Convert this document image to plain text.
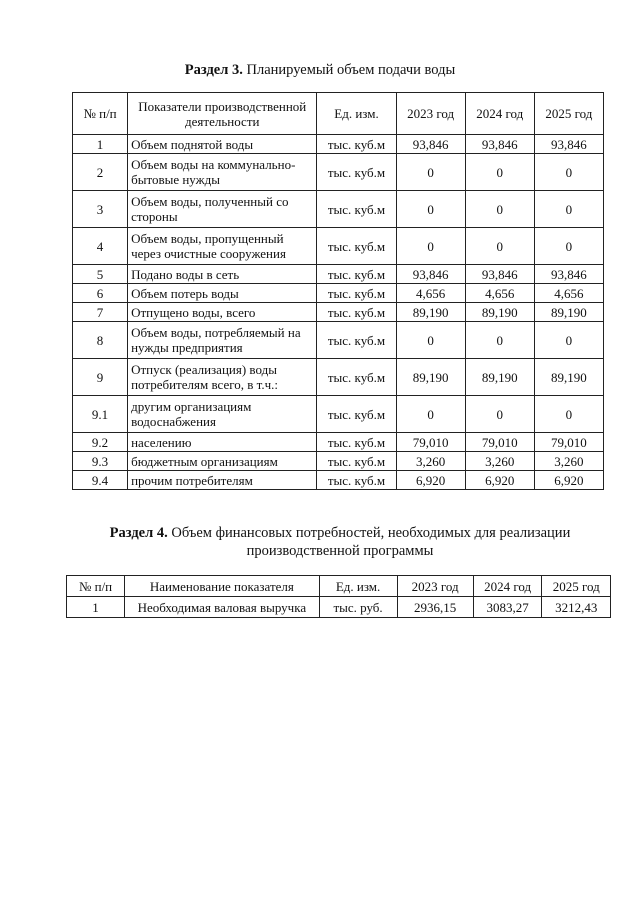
Раздел 3. Планируемый объем подачи воды
№ п/п	Показатели производственной деятельности	Ед. изм.	2023 год	2024 год	2025 год
1	Объем поднятой воды	тыс. куб.м	93,846	93,846	93,846
2	Объем воды на коммунально-бытовые нужды	тыс. куб.м	0	0	0
3	Объем воды, полученный со стороны	тыс. куб.м	0	0	0
4	Объем воды, пропущенный через очистные сооружения	тыс. куб.м	0	0	0
5	Подано воды в сеть	тыс. куб.м	93,846	93,846	93,846
6	Объем потерь воды	тыс. куб.м	4,656	4,656	4,656
7	Отпущено воды, всего	тыс. куб.м	89,190	89,190	89,190
8	Объем воды, потребляемый на нужды предприятия	тыс. куб.м	0	0	0
9	Отпуск (реализация) воды потребителям всего, в т.ч.:	тыс. куб.м	89,190	89,190	89,190
9.1	другим организациям водоснабжения	тыс. куб.м	0	0	0
9.2	населению	тыс. куб.м	79,010	79,010	79,010
9.3	бюджетным организациям	тыс. куб.м	3,260	3,260	3,260
9.4	прочим потребителям	тыс. куб.м	6,920	6,920	6,920
Раздел 4. Объем финансовых потребностей, необходимых для реализации производственной программы
№ п/п	Наименование показателя	Ед. изм.	2023 год	2024 год	2025 год
1	Необходимая валовая выручка	тыс. руб.	2936,15	3083,27	3212,43
